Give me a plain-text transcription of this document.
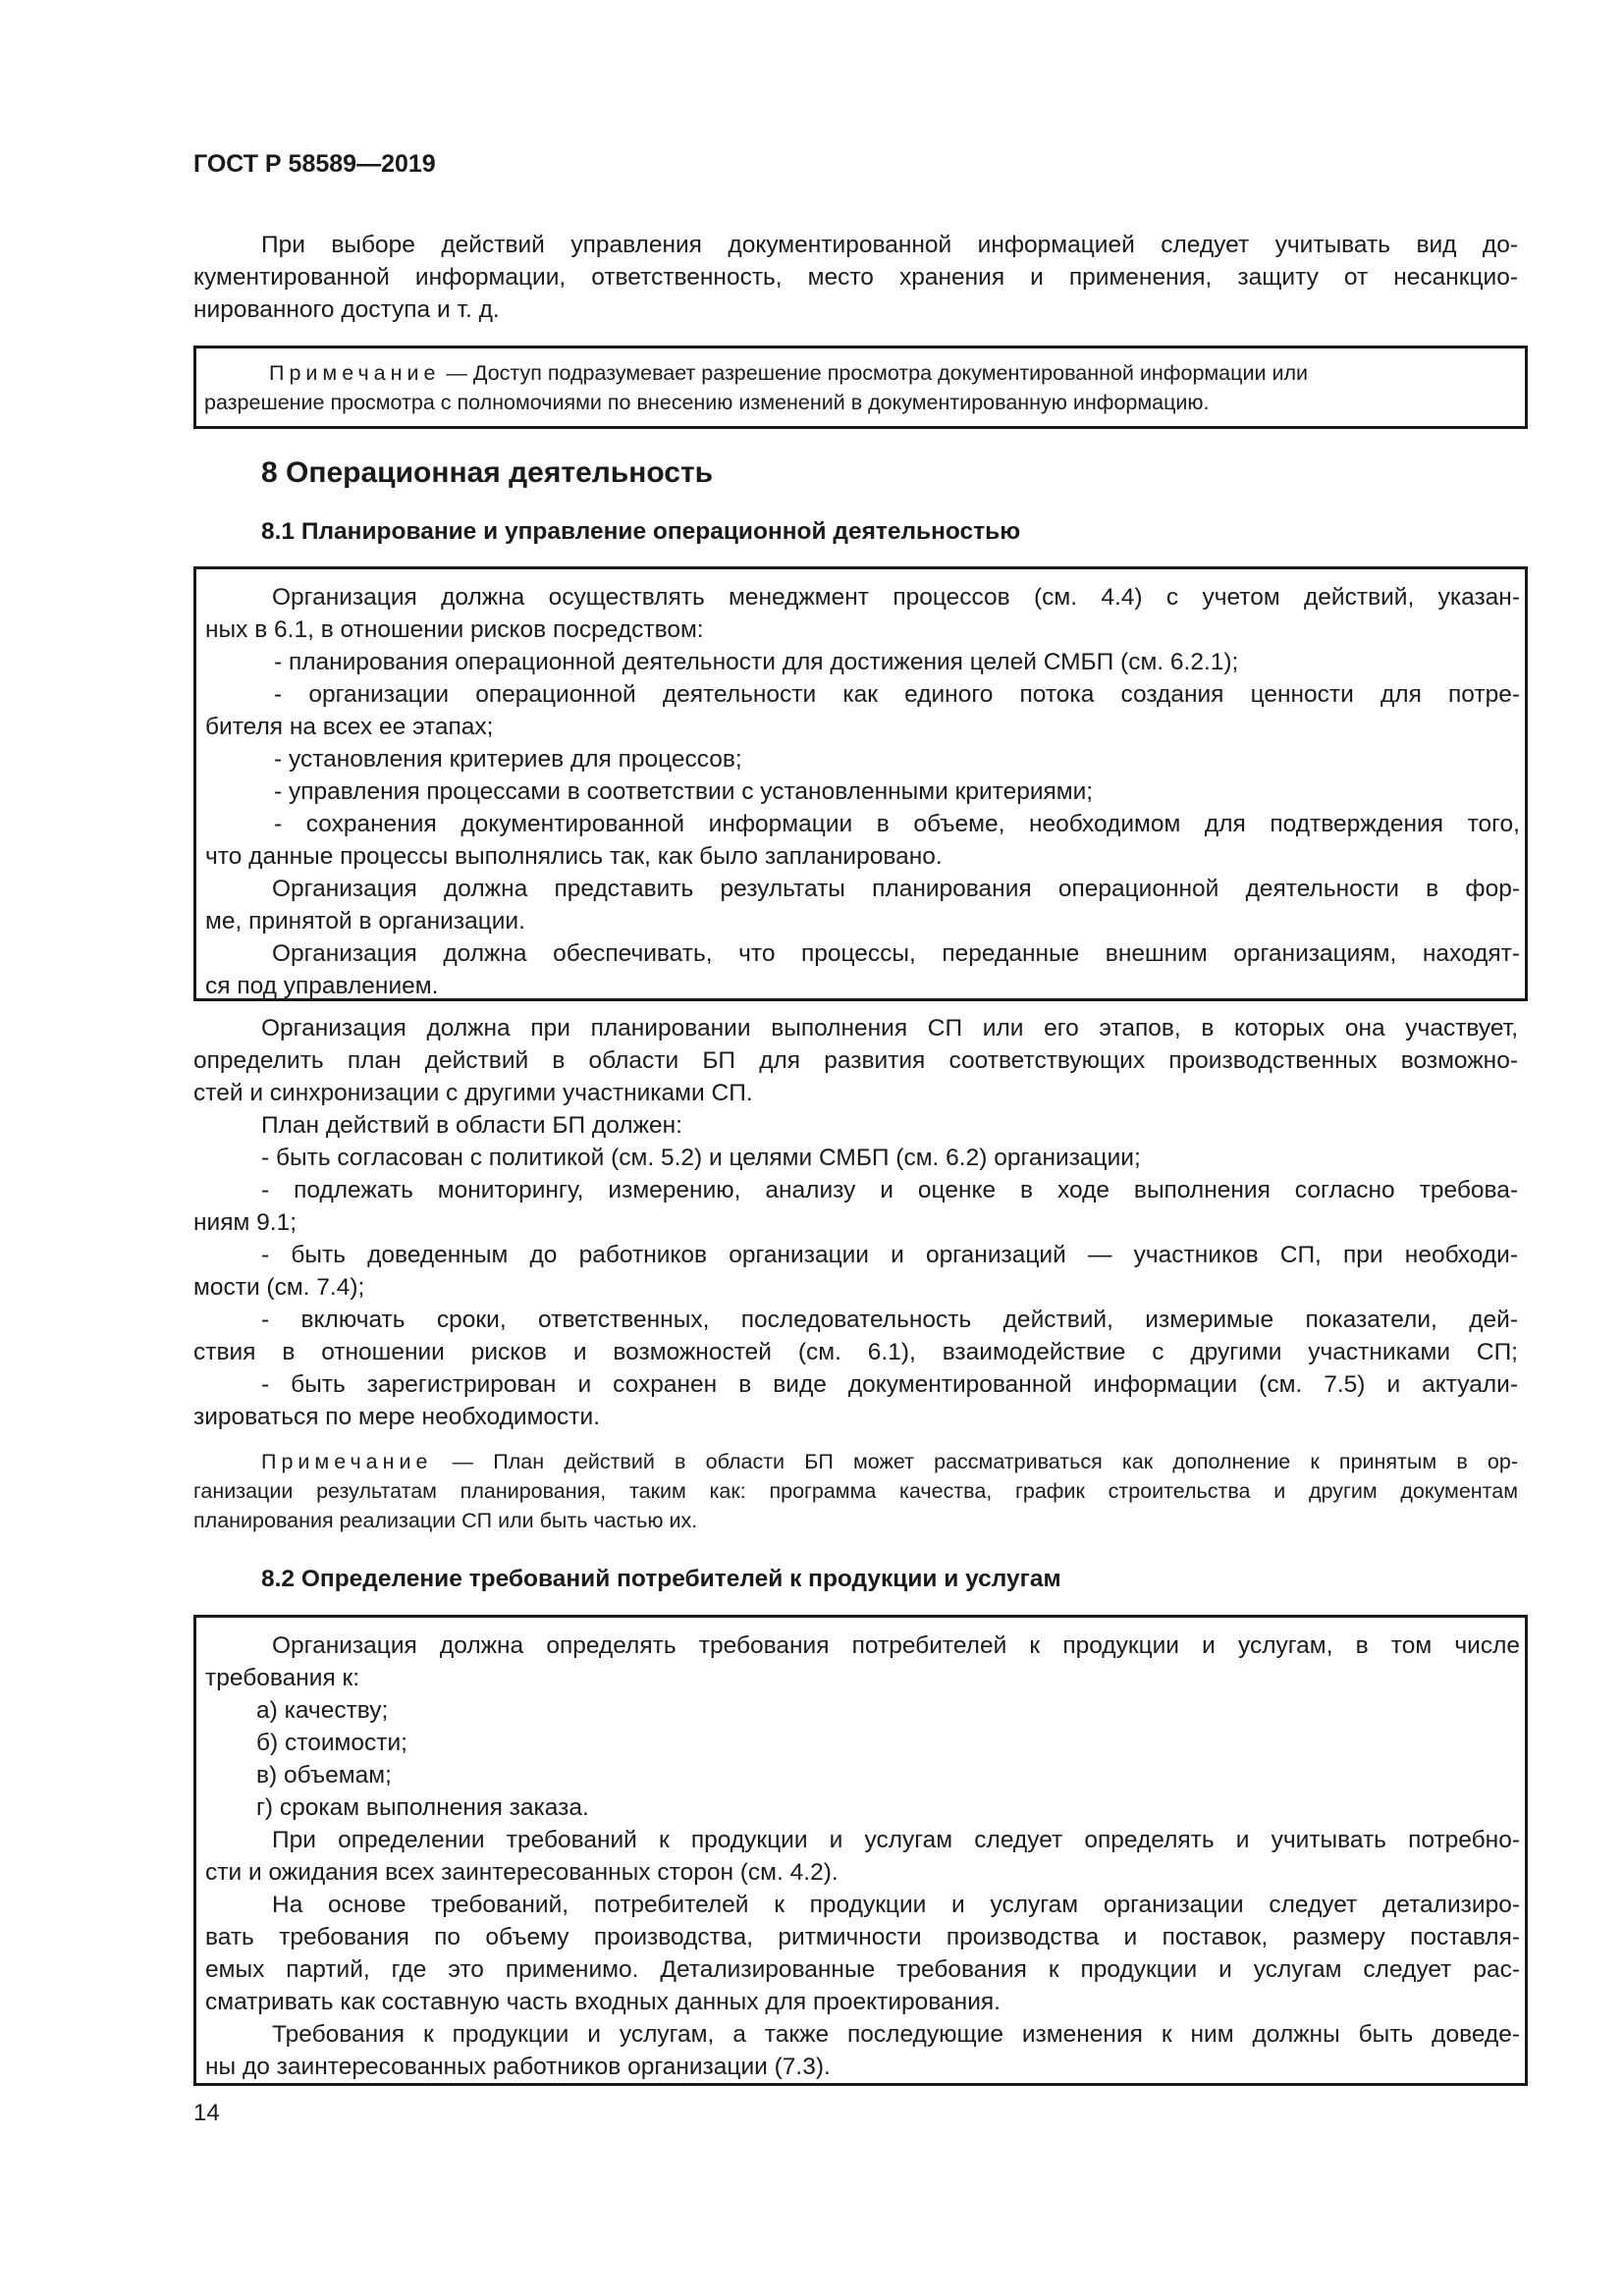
ГОСТ Р 58589—2019
При выборе действий управления документированной информацией следует учитывать вид до-
кументированной информации, ответственность, место хранения и применения, защиту от несанкцио-
нированного доступа и т. д.
Примечание — Доступ подразумевает разрешение просмотра документированной информации или
разрешение просмотра с полномочиями по внесению изменений в документированную информацию.
8 Операционная деятельность
8.1 Планирование и управление операционной деятельностью
Организация должна осуществлять менеджмент процессов (см. 4.4) с учетом действий, указан-
ных в 6.1, в отношении рисков посредством:
- планирования операционной деятельности для достижения целей СМБП (см. 6.2.1);
- организации операционной деятельности как единого потока создания ценности для потре-
бителя на всех ее этапах;
- установления критериев для процессов;
- управления процессами в соответствии с установленными критериями;
- сохранения документированной информации в объеме, необходимом для подтверждения того,
что данные процессы выполнялись так, как было запланировано.
Организация должна представить результаты планирования операционной деятельности в фор-
ме, принятой в организации.
Организация должна обеспечивать, что процессы, переданные внешним организациям, находят-
ся под управлением.
Организация должна при планировании выполнения СП или его этапов, в которых она участвует,
определить план действий в области БП для развития соответствующих производственных возможно-
стей и синхронизации с другими участниками СП.
План действий в области БП должен:
- быть согласован с политикой (см. 5.2) и целями СМБП (см. 6.2) организации;
- подлежать мониторингу, измерению, анализу и оценке в ходе выполнения согласно требова-
ниям 9.1;
- быть доведенным до работников организации и организаций — участников СП, при необходи-
мости (см. 7.4);
- включать сроки, ответственных, последовательность действий, измеримые показатели, дей-
ствия в отношении рисков и возможностей (см. 6.1), взаимодействие с другими участниками СП;
- быть зарегистрирован и сохранен в виде документированной информации (см. 7.5) и актуали-
зироваться по мере необходимости.
Примечание — План действий в области БП может рассматриваться как дополнение к принятым в ор-
ганизации результатам планирования, таким как: программа качества, график строительства и другим документам
планирования реализации СП или быть частью их.
8.2 Определение требований потребителей к продукции и услугам
Организация должна определять требования потребителей к продукции и услугам, в том числе
требования к:
а) качеству;
б) стоимости;
в) объемам;
г) срокам выполнения заказа.
При определении требований к продукции и услугам следует определять и учитывать потребно-
сти и ожидания всех заинтересованных сторон (см. 4.2).
На основе требований, потребителей к продукции и услугам организации следует детализиро-
вать требования по объему производства, ритмичности производства и поставок, размеру поставля-
емых партий, где это применимо. Детализированные требования к продукции и услугам следует рас-
сматривать как составную часть входных данных для проектирования.
Требования к продукции и услугам, а также последующие изменения к ним должны быть доведе-
ны до заинтересованных работников организации (7.3).
14
